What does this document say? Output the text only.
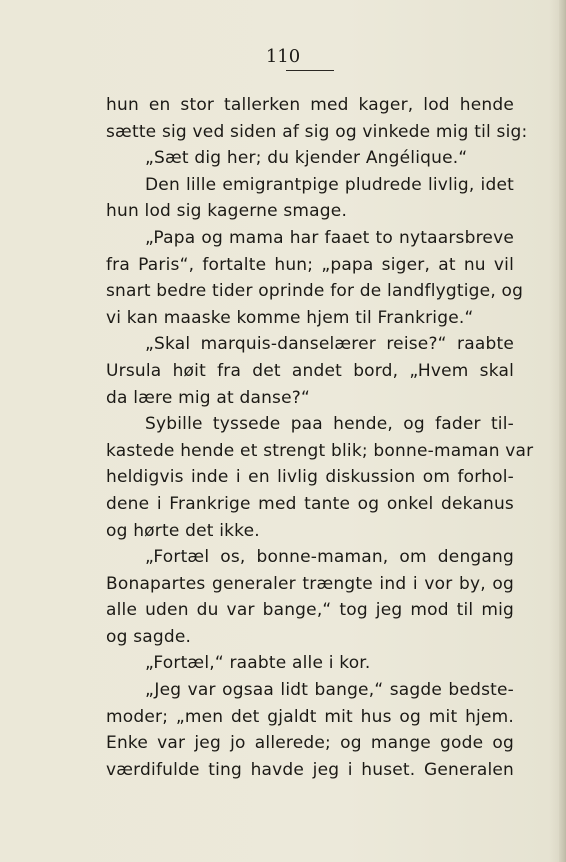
110
hun en stor tallerken med kager, lod hende
sætte sig ved siden af sig og vinkede mig til sig:
„Sæt dig her; du kjender Angélique.“
Den lille emigrantpige pludrede livlig, idet
hun lod sig kagerne smage.
„Papa og mama har faaet to nytaarsbreve
fra Paris“, fortalte hun; „papa siger, at nu vil
snart bedre tider oprinde for de landflygtige, og
vi kan maaske komme hjem til Frankrige.“
„Skal marquis-danselærer reise?“ raabte
Ursula høit fra det andet bord, „Hvem skal
da lære mig at danse?“
Sybille tyssede paa hende, og fader til-
kastede hende et strengt blik; bonne-maman var
heldigvis inde i en livlig diskussion om forhol-
dene i Frankrige med tante og onkel dekanus
og hørte det ikke.
„Fortæl os, bonne-maman, om dengang
Bonapartes generaler trængte ind i vor by, og
alle uden du var bange,“ tog jeg mod til mig
og sagde.
„Fortæl,“ raabte alle i kor.
„Jeg var ogsaa lidt bange,“ sagde bedste-
moder; „men det gjaldt mit hus og mit hjem.
Enke var jeg jo allerede; og mange gode og
værdifulde ting havde jeg i huset. Generalen
